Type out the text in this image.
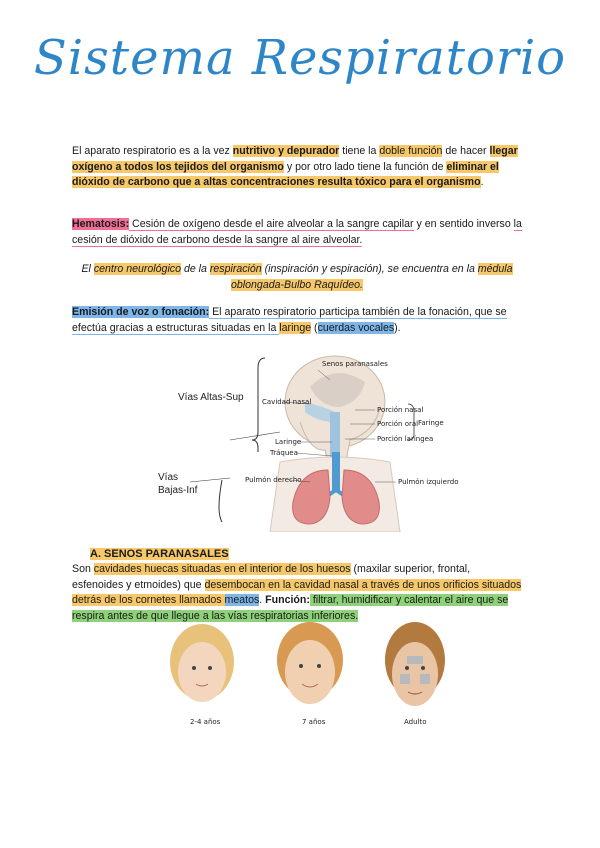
Sistema Respiratorio
El aparato respiratorio es a la vez nutritivo y depurador tiene la doble función de hacer llegar oxígeno a todos los tejidos del organismo y por otro lado tiene la función de eliminar el dióxido de carbono que a altas concentraciones resulta tóxico para el organismo.
Hematosis: Cesión de oxígeno desde el aire alveolar a la sangre capilar y en sentido inverso la cesión de dióxido de carbono desde la sangre al aire alveolar.
El centro neurológico de la respiración (inspiración y espiración), se encuentra en la médula oblongada-Bulbo Raquídeo.
Emisión de voz o fonación: El aparato respiratorio participa también de la fonación, que se efectúa gracias a estructuras situadas en la laringe (cuerdas vocales).
Vías Altas-Sup
Vías
Bajas-Inf
Senos paranasales
Cavidad nasal
Porción nasal
Porción oral
Porción laríngea
Faringe
Laringe
Tráquea
Pulmón derecho	Pulmón izquierdo
A. SENOS PARANASALES
Son cavidades huecas situadas en el interior de los huesos (maxilar superior, frontal, esfenoides y etmoides) que desembocan en la cavidad nasal a través de unos orificios situados detrás de los cornetes llamados meatos. Función: filtrar, humidificar y calentar el aire que se respira antes de que llegue a las vías respiratorias inferiores.
2-4 años	7 años	Adulto
